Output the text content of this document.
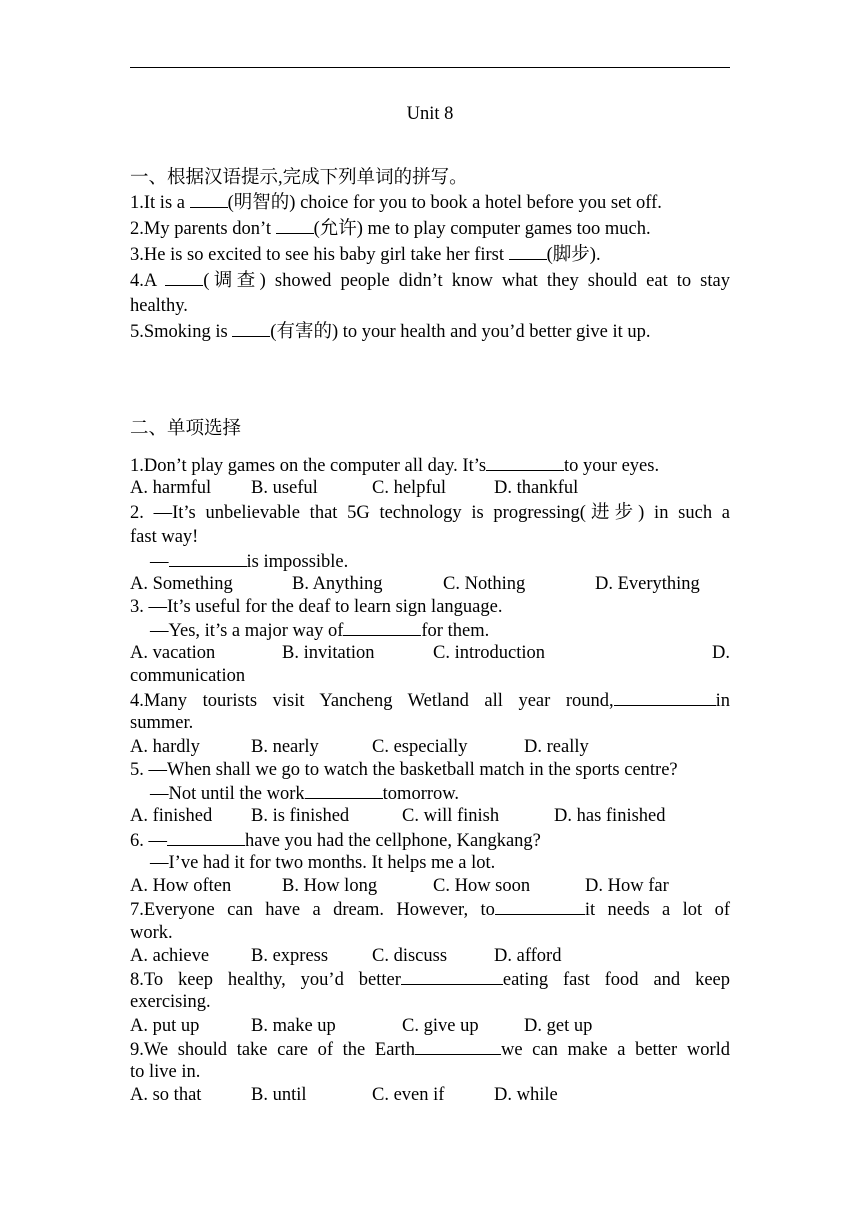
Unit 8
一、根据汉语提示,完成下列单词的拼写。
1.It is a (明智的) choice for you to book a hotel before you set off.
2.My parents don’t (允许) me to play computer games too much.
3.He is so excited to see his baby girl take her first (脚步).
4.A (调查) showed people didn’t know what they should eat to stay
healthy.
5.Smoking is (有害的) to your health and you’d better give it up.
二、单项选择
1.Don’t play games on the computer all day. It’s	to your eyes.
A. harmful B. useful	C. helpful	D. thankful
2. —It’s unbelievable that 5G technology is progressing(进步) in such a
fast way!
—	is impossible.
A. Something	B. Anything	C. Nothing	D. Everything
3. —It’s useful for the deaf to learn sign language.
—Yes, it’s a major way of	for them.
A. vacation	B. invitation	C. introduction	D.
communication
4.Many tourists visit Yancheng Wetland all year round,	in
summer.
A. hardly	B. nearly	C. especially	D. really
5. —When shall we go to watch the basketball match in the sports centre?
—Not until the work	tomorrow.
A. finished B. is finished	C. will finish	D. has finished
6. —	have you had the cellphone, Kangkang?
—I’ve had it for two months. It helps me a lot.
A. How often	B. How long	C. How soon	D. How far
7.Everyone can have a dream. However, to	it needs a lot of
work.
A. achieve B. express C. discuss	D. afford
8.To keep healthy, you’d better	eating fast food and keep
exercising.
A. put up	B. make up	C. give up D. get up
9.We should take care of the Earth	we can make a better world
to live in.
A. so that	B. until	C. even if	D. while
